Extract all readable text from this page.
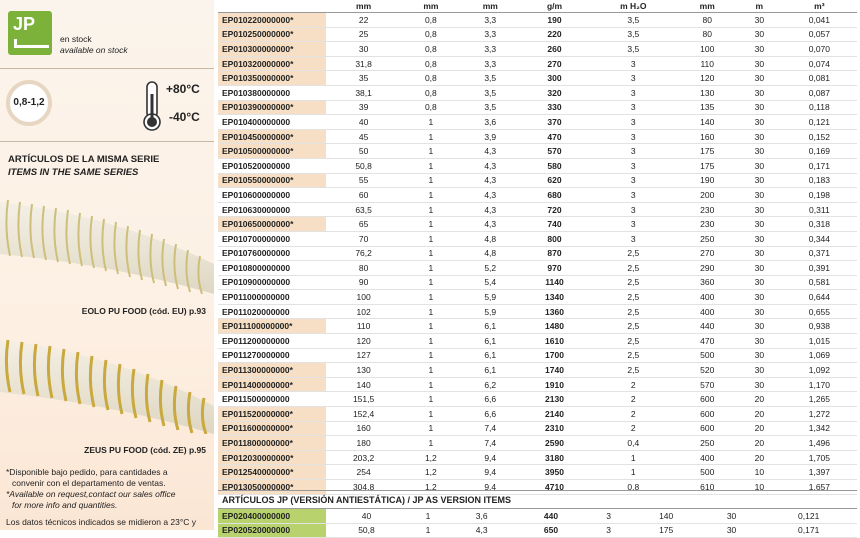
JP
en stock
available on stock
0,8-1,2
+80°C
-40°C
ARTÍCULOS DE LA MISMA SERIE
ITEMS IN THE SAME SERIES
EOLO PU FOOD (cód. EU) p.93
ZEUS PU FOOD (cód. ZE) p.95
*Disponible bajo pedido, para cantidades a
convenir con el departamento de ventas.
*Available on request,contact our sales office
for more info and quantities.
Los datos técnicos indicados se midieron a 23°C y
	mm	mm	mm	g/m	m H₂O	mm	m	m³
EP010220000000*	22	0,8	3,3	190	3,5	80	30	0,041
EP010250000000*	25	0,8	3,3	220	3,5	80	30	0,057
EP010300000000*	30	0,8	3,3	260	3,5	100	30	0,070
EP010320000000*	31,8	0,8	3,3	270	3	110	30	0,074
EP010350000000*	35	0,8	3,5	300	3	120	30	0,081
EP010380000000	38,1	0,8	3,5	320	3	130	30	0,087
EP010390000000*	39	0,8	3,5	330	3	135	30	0,118
EP010400000000	40	1	3,6	370	3	140	30	0,121
EP010450000000*	45	1	3,9	470	3	160	30	0,152
EP010500000000*	50	1	4,3	570	3	175	30	0,169
EP010520000000	50,8	1	4,3	580	3	175	30	0,171
EP010550000000*	55	1	4,3	620	3	190	30	0,183
EP010600000000	60	1	4,3	680	3	200	30	0,198
EP010630000000	63,5	1	4,3	720	3	230	30	0,311
EP010650000000*	65	1	4,3	740	3	230	30	0,318
EP010700000000	70	1	4,8	800	3	250	30	0,344
EP010760000000	76,2	1	4,8	870	2,5	270	30	0,371
EP010800000000	80	1	5,2	970	2,5	290	30	0,391
EP010900000000	90	1	5,4	1140	2,5	360	30	0,581
EP011000000000	100	1	5,9	1340	2,5	400	30	0,644
EP011020000000	102	1	5,9	1360	2,5	400	30	0,655
EP011100000000*	110	1	6,1	1480	2,5	440	30	0,938
EP011200000000	120	1	6,1	1610	2,5	470	30	1,015
EP011270000000	127	1	6,1	1700	2,5	500	30	1,069
EP011300000000*	130	1	6,1	1740	2,5	520	30	1,092
EP011400000000*	140	1	6,2	1910	2	570	30	1,170
EP011500000000	151,5	1	6,6	2130	2	600	20	1,265
EP011520000000*	152,4	1	6,6	2140	2	600	20	1,272
EP011600000000*	160	1	7,4	2310	2	600	20	1,342
EP011800000000*	180	1	7,4	2590	0,4	250	20	1,496
EP012030000000*	203,2	1,2	9,4	3180	1	400	20	1,705
EP012540000000*	254	1,2	9,4	3950	1	500	10	1,397
EP013050000000*	304,8	1,2	9,4	4710	0,8	610	10	1,657
ARTÍCULOS JP (VERSIÓN ANTIESTÁTICA) / JP AS VERSION ITEMS
EP020400000000	40	1	3,6	440	3	140	30	0,121
EP020520000000	50,8	1	4,3	650	3	175	30	0,171
